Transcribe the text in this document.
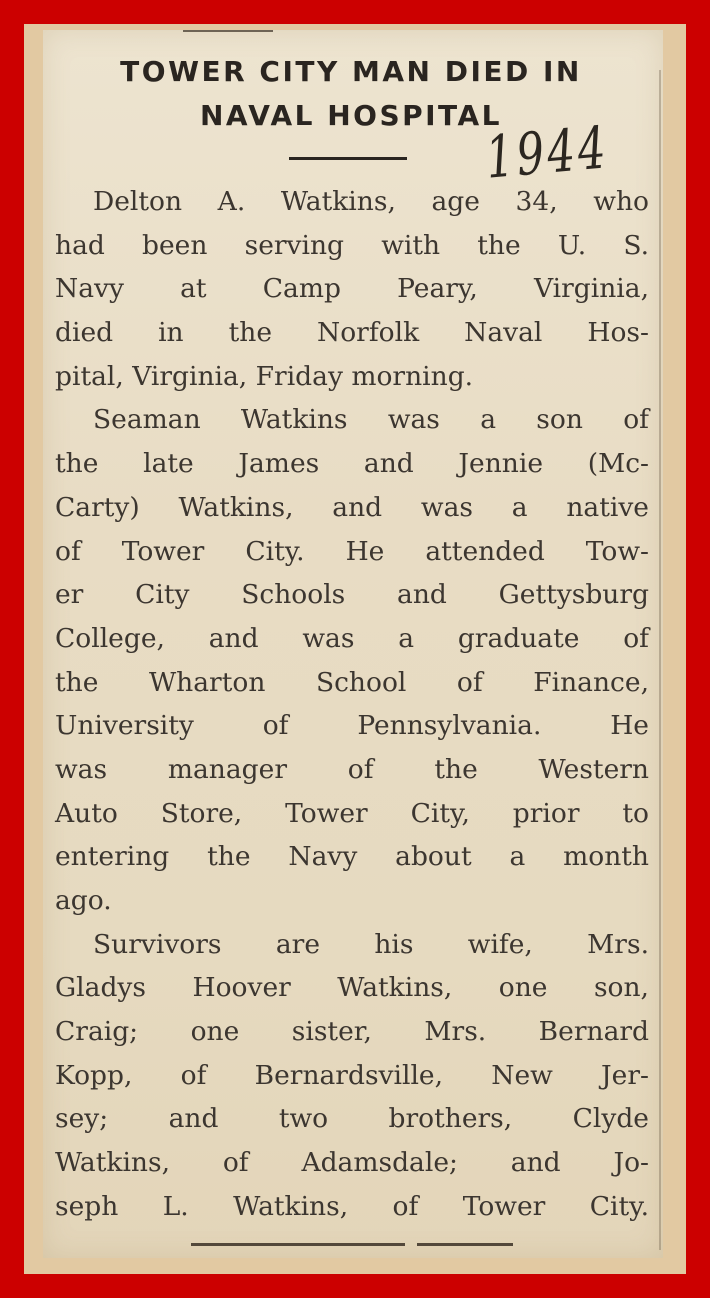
TOWER CITY MAN DIED IN
NAVAL HOSPITAL
1944
Delton A. Watkins, age 34, who
had been serving with the U. S.
Navy at Camp Peary, Virginia,
died in the Norfolk Naval Hos-
pital, Virginia, Friday morning.
Seaman Watkins was a son of
the late James and Jennie (Mc-
Carty) Watkins, and was a native
of Tower City. He attended Tow-
er City Schools and Gettysburg
College, and was a graduate of
the Wharton School of Finance,
University of Pennsylvania. He
was manager of the Western
Auto Store, Tower City, prior to
entering the Navy about a month
ago.
Survivors are his wife, Mrs.
Gladys Hoover Watkins, one son,
Craig; one sister, Mrs. Bernard
Kopp, of Bernardsville, New Jer-
sey; and two brothers, Clyde
Watkins, of Adamsdale; and Jo-
seph L. Watkins, of Tower City.
